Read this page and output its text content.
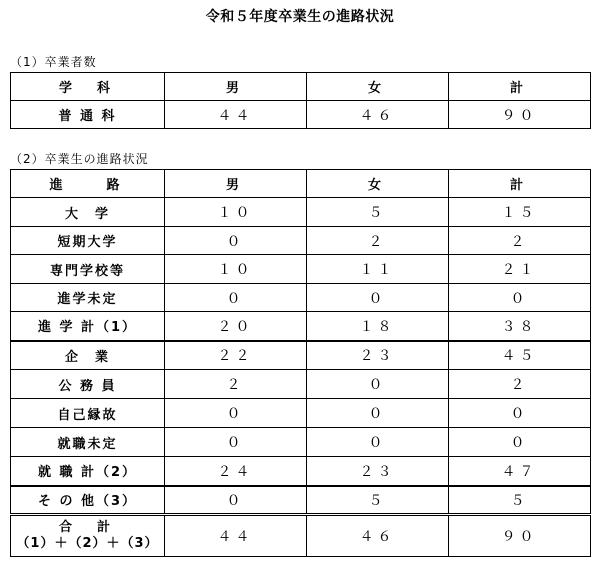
令和５年度卒業生の進路状況
（1）卒業者数
学　科	男	女	計
普 通 科	４４	４６	９０
（2）卒業生の進路状況
進　　路	男	女	計
大　学	１０	５	１５
短期大学	０	２	２
専門学校等	１０	１１	２１
進学未定	０	０	０
進 学 計（1）	２０	１８	３８
企　業	２２	２３	４５
公 務 員	２	０	２
自己縁故	０	０	０
就職未定	０	０	０
就 職 計（2）	２４	２３	４７
そ の 他（3）	０	５	５

合　計
（1）＋（2）＋（3）	４４	４６	９０
